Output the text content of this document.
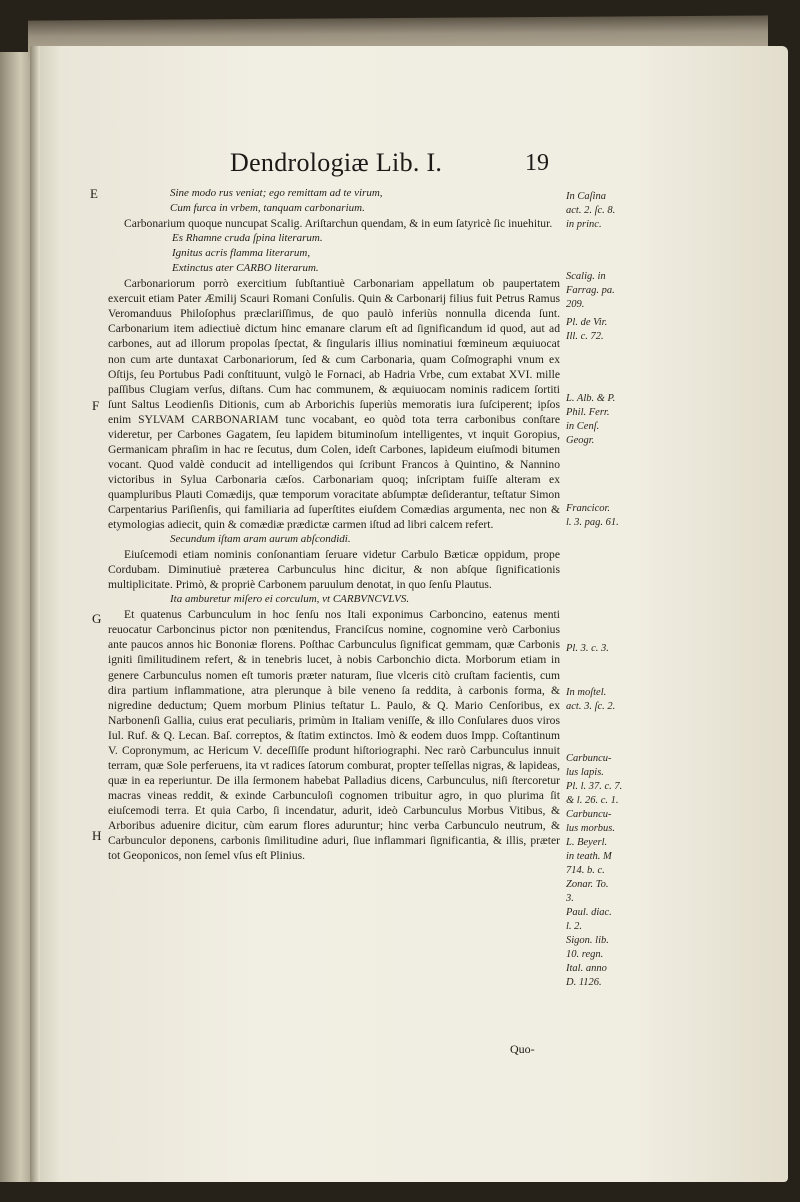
Dendrologiæ Lib. I.	19
E
F
G
H

Sine modo rus veniat; ego remittam ad te virum,

Cum furca in vrbem, tanquam carbonarium.

Carbonarium quoque nuncupat Scalig. Ariſtarchun quendam, & in eum ſatyricè ſic inuehitur.

Es Rhamne cruda ſpina literarum.

Ignitus acris flamma literarum,

Extinctus ater CARBO literarum.

Carbonariorum porrò exercitium ſubſtantiuè Carbonariam appellatum ob paupertatem exercuit etiam Pater Æmilij Scauri Romani Conſulis. Quin & Carbonarij filius fuit Petrus Ramus Veromanduus Philoſophus præclariſſimus, de quo paulò inferiùs nonnulla dicenda ſunt. Carbonarium item adiectiuè dictum hinc emanare clarum eſt ad ſignificandum id quod, aut ad carbones, aut ad illorum propolas ſpectat, & ſingularis illius nominatiui fœmineum æquiuocat non cum arte duntaxat Carbonariorum, ſed & cum Carbonaria, quam Coſmographi vnum ex Oſtijs, ſeu Portubus Padi conſtituunt, vulgò le Fornaci, ab Hadria Vrbe, cum extabat XVI. mille paſſibus Clugiam verſus, diſtans. Cum hac communem, & æquiuocam nominis radicem ſortiti ſunt Saltus Leodienſis Ditionis, cum ab Arborichis ſuperiùs memoratis iura ſuſciperent; ipſos enim SYLVAM CARBONARIAM tunc vocabant, eo quòd tota terra carbonibus conſtare videretur, per Carbones Gagatem, ſeu lapidem bituminoſum intelligentes, vt inquit Goropius, Germanicam phraſim in hac re ſecutus, dum Colen, ideſt Carbones, lapideum eiuſmodi bitumen vocant. Quod valdè conducit ad intelligendos qui ſcribunt Francos à Quintino, & Nannino victoribus in Sylua Carbonaria cæſos. Carbonariam quoq; inſcriptam fuiſſe alteram ex quampluribus Plauti Comædijs, quæ temporum voracitate abſumptæ deſiderantur, teſtatur Simon Carpentarius Pariſienſis, qui familiaria ad ſuperſtites eiuſdem Comædias argumenta, nec non & etymologias adiecit, quin & comædiæ prædictæ carmen iſtud ad libri calcem refert.

Secundum iſtam aram aurum abſcondidi.

Eiuſcemodi etiam nominis conſonantiam ſeruare videtur Carbulo Bæticæ oppidum, prope Cordubam. Diminutiuè præterea Carbunculus hinc dicitur, & non abſque ſignificationis multiplicitate. Primò, & propriè Carbonem paruulum denotat, in quo ſenſu Plautus.

Ita amburetur miſero ei corculum, vt CARBVNCVLVS.

Et quatenus Carbunculum in hoc ſenſu nos Itali exponimus Carboncino, eatenus menti reuocatur Carboncinus pictor non pœnitendus, Franciſcus nomine, cognomine verò Carbonius ante paucos annos hic Bononiæ florens. Poſthac Carbunculus ſignificat gemmam, quæ Carbonis igniti ſimilitudinem refert, & in tenebris lucet, à nobis Carbonchio dicta. Morborum etiam in genere Carbunculus nomen eſt tumoris præter naturam, ſiue vlceris citò cruſtam facientis, cum dira partium inflammatione, atra plerunque à bile veneno ſa reddita, à carbonis forma, & nigredine deductum; Quem morbum Plinius teſtatur L. Paulo, & Q. Mario Cenſoribus, ex Narbonenſi Gallia, cuius erat peculiaris, primùm in Italiam veniſſe, & illo Conſulares duos viros Iul. Ruf. & Q. Lecan. Baſ. correptos, & ſtatim extinctos. Imò & eodem duos Impp. Coſtantinum V. Copronymum, ac Hericum V. deceſſiſſe produnt hiſtoriographi. Nec rarò Carbunculus innuit terram, quæ Sole perferuens, ita vt radices ſatorum comburat, propter teſſellas nigras, & lapideas, quæ in ea reperiuntur. De illa ſermonem habebat Palladius dicens, Carbunculus, niſi ſtercoretur macras vineas reddit, & exinde Carbunculoſi cognomen tribuitur agro, in quo plurima ſit eiuſcemodi terra. Et quia Carbo, ſi incendatur, adurit, ideò Carbunculus Morbus Vitibus, & Arboribus aduenire dicitur, cùm earum flores aduruntur; hinc verba Carbunculo neutrum, & Carbunculor deponens, carbonis ſimilitudine aduri, ſiue inflammari ſignificantia, & illis, præter tot Geoponicos, non ſemel vſus eſt Plinius.

In Caſina
act. 2. ſc. 8.
in princ.
Scalig. in
Farrag. pa.
209.
Pl. de Vir.
Ill. c. 72.
L. Alb. & P.
Phil. Ferr.
in Cenſ.
Geogr.
Francicor.
l. 3. pag. 61.
Pl. 3. c. 3.
In moſtel.
act. 3. ſc. 2.
Carbuncu-
lus lapis.
Pl. l. 37. c. 7.
& l. 26. c. 1.
Carbuncu-
lus morbus.
L. Beyerl.
in teath. M
714. b. c.
Zonar. To.
3.
Paul. diac.
l. 2.
Sigon. lib.
10. regn.
Ital. anno
D. 1126.
Quo-
